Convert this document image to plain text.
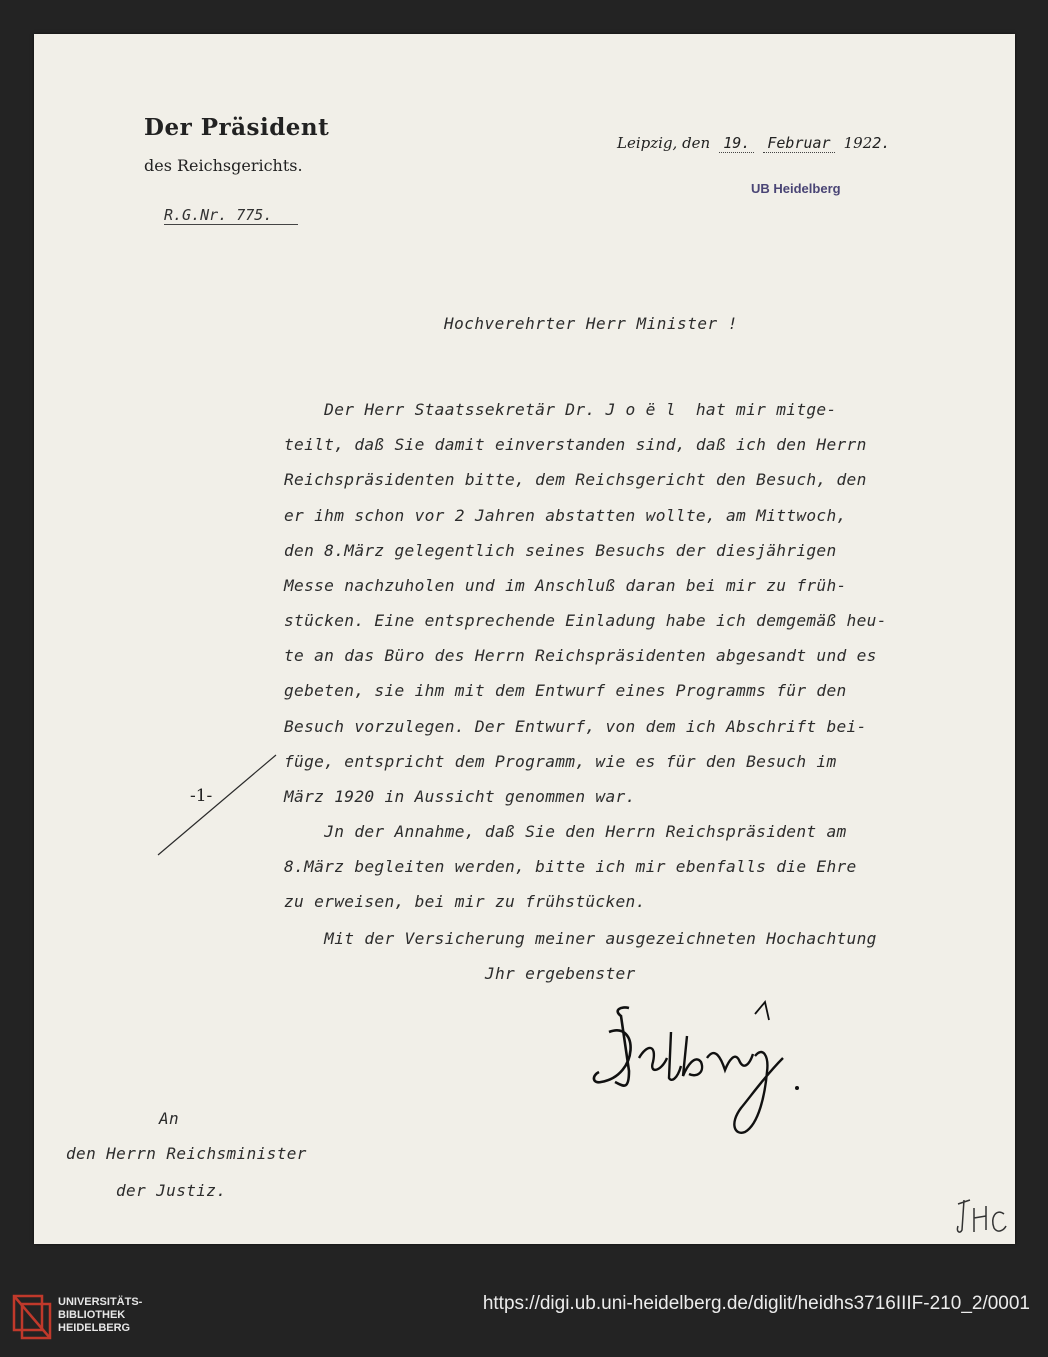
Der Präsident
des Reichsgerichts.
R.G.Nr. 775.
Leipzig, den 19. Februar 1922.
UB Heidelberg
Hochverehrter Herr Minister !
Der Herr Staatssekretär Dr. J o ë l  hat mir mitge-
teilt, daß Sie damit einverstanden sind, daß ich den Herrn
Reichspräsidenten bitte, dem Reichsgericht den Besuch, den
er ihm schon vor 2 Jahren abstatten wollte, am Mittwoch,
den 8.März gelegentlich seines Besuchs der diesjährigen
Messe nachzuholen und im Anschluß daran bei mir zu früh-
stücken. Eine entsprechende Einladung habe ich demgemäß heu-
te an das Büro des Herrn Reichspräsidenten abgesandt und es
gebeten, sie ihm mit dem Entwurf eines Programms für den
Besuch vorzulegen. Der Entwurf, von dem ich Abschrift bei-
füge, entspricht dem Programm, wie es für den Besuch im
März 1920 in Aussicht genommen war.
Jn der Annahme, daß Sie den Herrn Reichspräsident am
8.März begleiten werden, bitte ich mir ebenfalls die Ehre
zu erweisen, bei mir zu frühstücken.
Mit der Versicherung meiner ausgezeichneten Hochachtung
Jhr ergebenster
-1-
An
den Herrn Reichsminister
der Justiz.
UNIVERSITÄTS-
BIBLIOTHEK
HEIDELBERG
https://digi.ub.uni-heidelberg.de/diglit/heidhs3716IIIF-210_2/0001
